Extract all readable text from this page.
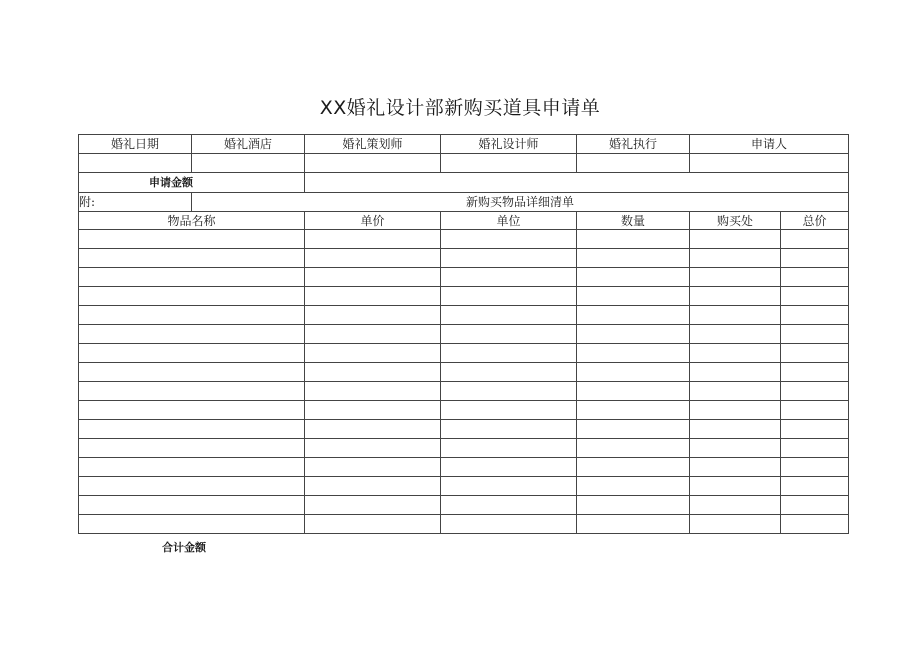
XX婚礼设计部新购买道具申请单
婚礼日期	婚礼酒店	婚礼策划师	婚礼设计师	婚礼执行	申请人	

申请金额						
附:	新购买物品详细清单					
物品名称		单价	单位	数量	购买处	总价

合计金额
